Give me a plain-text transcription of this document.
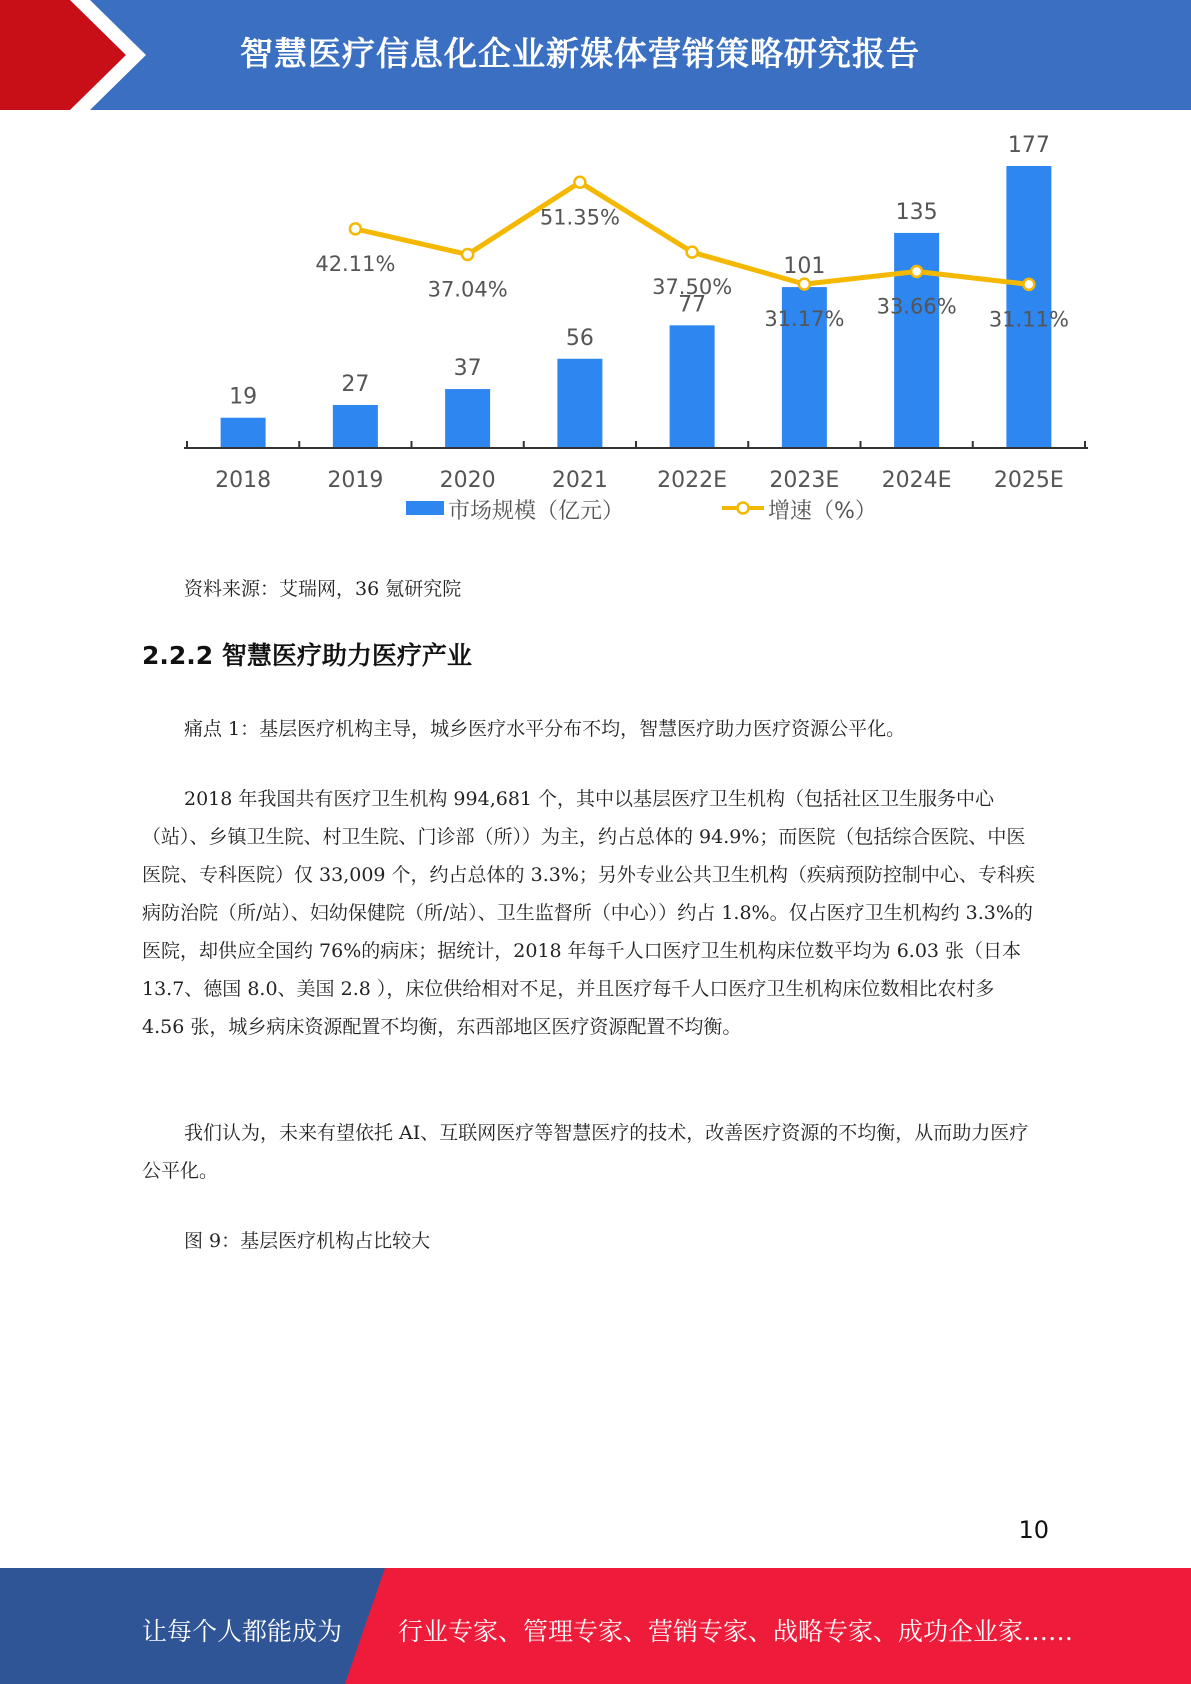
智慧医疗信息化企业新媒体营销策略研究报告
19
27
37
56
77
101
135
177
2018	2019	2020	2021 2022E 2023E 2024E 2025E
42.11%
37.04%
51.35%
37.50%
31.17%
33.66%
31.11%
市场规模（亿元）	增速（%）

资料来源：艾瑞网，36 氪研究院

2.2.2 智慧医疗助力医疗产业

痛点 1：基层医疗机构主导，城乡医疗水平分布不均，智慧医疗助力医疗资源公平化。

2018 年我国共有医疗卫生机构 994,681 个，其中以基层医疗卫生机构（包括社区卫生服务中心（站）、乡镇卫生院、村卫生院、门诊部（所））为主，约占总体的 94.9%；而医院（包括综合医院、中医医院、专科医院）仅 33,009 个，约占总体的 3.3%；另外专业公共卫生机构（疾病预防控制中心、专科疾病防治院（所/站）、妇幼保健院（所/站）、卫生监督所（中心））约占 1.8%。仅占医疗卫生机构约 3.3%的医院，却供应全国约 76%的病床；据统计，2018 年每千人口医疗卫生机构床位数平均为 6.03 张（日本 13.7、德国 8.0、美国 2.8 ），床位供给相对不足，并且医疗每千人口医疗卫生机构床位数相比农村多 4.56 张，城乡病床资源配置不均衡，东西部地区医疗资源配置不均衡。

我们认为，未来有望依托 AI、互联网医疗等智慧医疗的技术，改善医疗资源的不均衡，从而助力医疗公平化。

图 9：基层医疗机构占比较大

10
让每个人都能成为 行业专家、管理专家、营销专家、战略专家、成功企业家……
